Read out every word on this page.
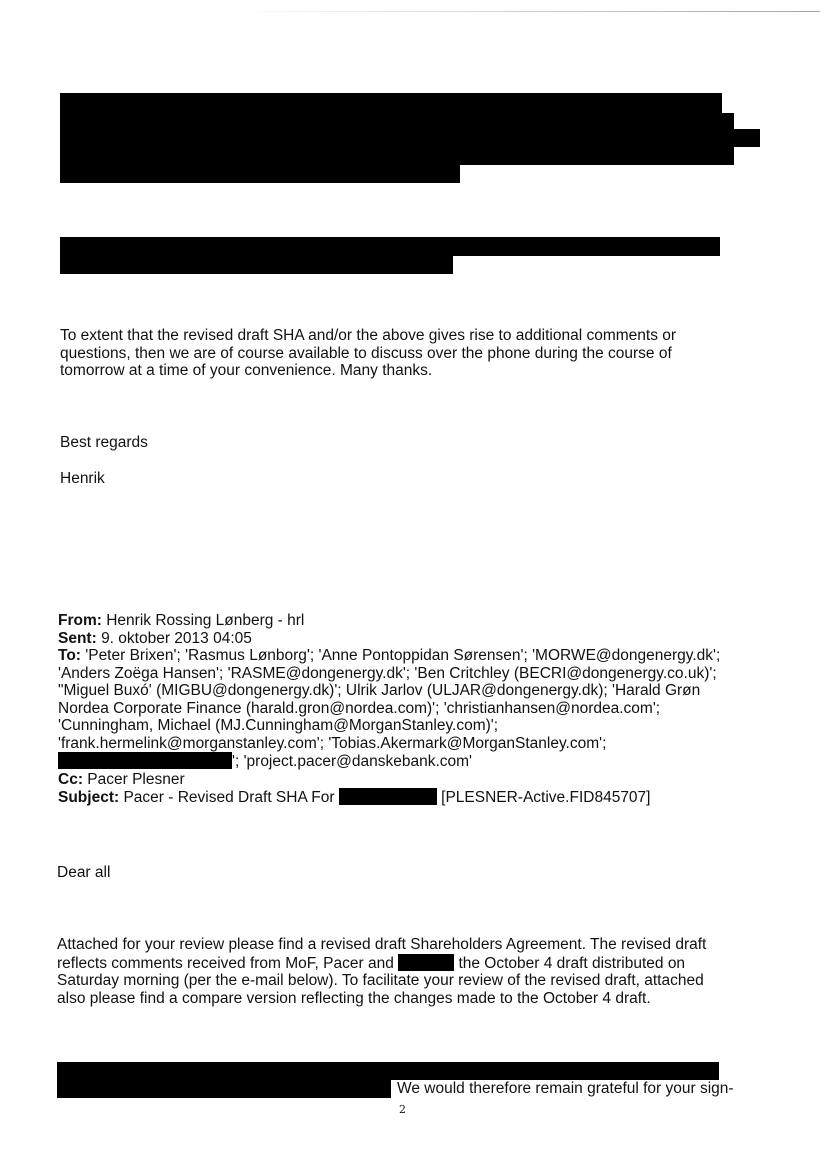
To extent that the revised draft SHA and/or the above gives rise to additional comments or
questions, then we are of course available to discuss over the phone during the course of
tomorrow at a time of your convenience. Many thanks.
Best regards
Henrik
From: Henrik Rossing Lønberg - hrl
Sent: 9. oktober 2013 04:05
To: 'Peter Brixen'; 'Rasmus Lønborg'; 'Anne Pontoppidan Sørensen'; 'MORWE@dongenergy.dk';
'Anders Zoëga Hansen'; 'RASME@dongenergy.dk'; 'Ben Critchley (BECRI@dongenergy.co.uk)';
"Miguel Buxó' (MIGBU@dongenergy.dk)'; Ulrik Jarlov (ULJAR@dongenergy.dk); 'Harald Grøn
Nordea Corporate Finance (harald.gron@nordea.com)'; 'christianhansen@nordea.com';
'Cunningham, Michael (MJ.Cunningham@MorganStanley.com)';
'frank.hermelink@morganstanley.com'; 'Tobias.Akermark@MorganStanley.com';
'; 'project.pacer@danskebank.com'
Cc: Pacer Plesner
Subject: Pacer - Revised Draft SHA For	[PLESNER-Active.FID845707]
Dear all
Attached for your review please find a revised draft Shareholders Agreement. The revised draft
reflects comments received from MoF, Pacer and	the October 4 draft distributed on
Saturday morning (per the e-mail below). To facilitate your review of the revised draft, attached
also please find a compare version reflecting the changes made to the October 4 draft.
We would therefore remain grateful for your sign-
2
